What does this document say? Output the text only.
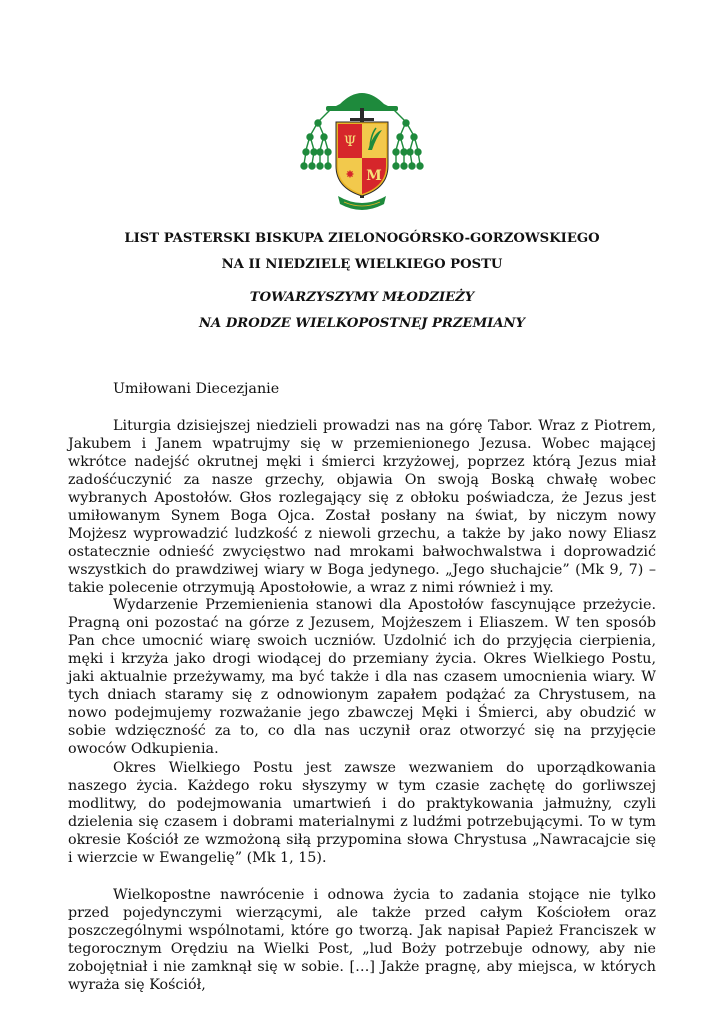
Ψ
✸ M
LIST PASTERSKI BISKUPA ZIELONOGÓRSKO-GORZOWSKIEGO
NA II NIEDZIELĘ WIELKIEGO POSTU
TOWARZYSZYMY MŁODZIEŻY
NA DRODZE WIELKOPOSTNEJ PRZEMIANY
Umiłowani Diecezjanie

Liturgia dzisiejszej niedzieli prowadzi nas na górę Tabor. Wraz z Piotrem, Jakubem i Janem wpatrujmy się w przemienionego Jezusa. Wobec mającej wkrótce nadejść okrutnej męki i śmierci krzyżowej, poprzez którą Jezus miał zadośćuczynić za nasze grzechy, objawia On swoją Boską chwałę wobec wybranych Apostołów. Głos rozlegający się z obłoku poświadcza, że Jezus jest umiłowanym Synem Boga Ojca. Został posłany na świat, by niczym nowy Mojżesz wyprowadzić ludzkość z niewoli grzechu, a także by jako nowy Eliasz ostatecznie odnieść zwycięstwo nad mrokami bałwochwalstwa i doprowadzić wszystkich do prawdziwej wiary w Boga jedynego. „Jego słuchajcie” (Mk 9, 7) – takie polecenie otrzymują Apostołowie, a wraz z nimi również i my.

Wydarzenie Przemienienia stanowi dla Apostołów fascynujące przeżycie. Pragną oni pozostać na górze z Jezusem, Mojżeszem i Eliaszem. W ten sposób Pan chce umocnić wiarę swoich uczniów. Uzdolnić ich do przyjęcia cierpienia, męki i krzyża jako drogi wiodącej do przemiany życia. Okres Wielkiego Postu, jaki aktualnie przeżywamy, ma być także i dla nas czasem umocnienia wiary. W tych dniach staramy się z odnowionym zapałem podążać za Chrystusem, na nowo podejmujemy rozważanie jego zbawczej Męki i Śmierci, aby obudzić w sobie wdzięczność za to, co dla nas uczynił oraz otworzyć się na przyjęcie owoców Odkupienia.

Okres Wielkiego Postu jest zawsze wezwaniem do uporządkowania naszego życia. Każdego roku słyszymy w tym czasie zachętę do gorliwszej modlitwy, do podejmowania umartwień i do praktykowania jałmużny, czyli dzielenia się czasem i dobrami materialnymi z ludźmi potrzebującymi. To w tym okresie Kościół ze wzmożoną siłą przypomina słowa Chrystusa „Nawracajcie się i wierzcie w Ewangelię” (Mk 1, 15).

Wielkopostne nawrócenie i odnowa życia to zadania stojące nie tylko przed pojedynczymi wierzącymi, ale także przed całym Kościołem oraz poszczególnymi wspólnotami, które go tworzą. Jak napisał Papież Franciszek w tegorocznym Orędziu na Wielki Post, „lud Boży potrzebuje odnowy, aby nie zobojętniał i nie zamknął się w sobie. […] Jakże pragnę, aby miejsca, w których wyraża się Kościół,
